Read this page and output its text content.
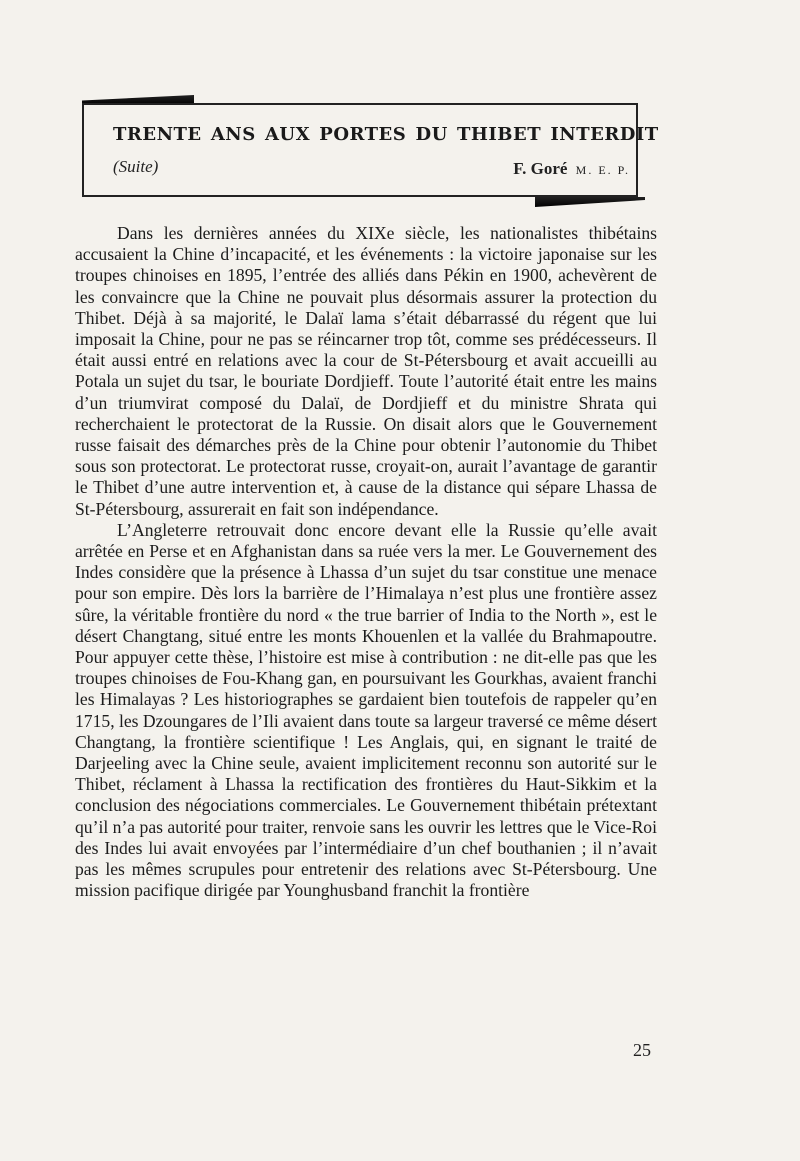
trente ans aux portes du thibet interdit
(Suite)	F. Goré M. E. P.

Dans les dernières années du XIXe siècle, les nationalistes thibétains accusaient la Chine d’incapacité, et les événements : la victoire japonaise sur les troupes chinoises en 1895, l’entrée des alliés dans Pékin en 1900, achevèrent de les convaincre que la Chine ne pouvait plus désormais assurer la protection du Thibet. Déjà à sa majorité, le Dalaï lama s’était débarrassé du régent que lui imposait la Chine, pour ne pas se réincarner trop tôt, comme ses prédécesseurs. Il était aussi entré en relations avec la cour de St-Pétersbourg et avait accueilli au Potala un sujet du tsar, le bouriate Dordjieff. Toute l’autorité était entre les mains d’un triumvirat composé du Dalaï, de Dordjieff et du ministre Shrata qui recherchaient le protectorat de la Russie. On disait alors que le Gouvernement russe faisait des démarches près de la Chine pour obtenir l’autonomie du Thibet sous son protectorat. Le protectorat russe, croyait-on, aurait l’avantage de garantir le Thibet d’une autre intervention et, à cause de la distance qui sépare Lhassa de St-Pétersbourg, assurerait en fait son indépendance.

L’Angleterre retrouvait donc encore devant elle la Russie qu’elle avait arrêtée en Perse et en Afghanistan dans sa ruée vers la mer. Le Gouvernement des Indes considère que la présence à Lhassa d’un sujet du tsar constitue une menace pour son empire. Dès lors la barrière de l’Himalaya n’est plus une frontière assez sûre, la véritable frontière du nord « the true barrier of India to the North », est le désert Changtang, situé entre les monts Khouenlen et la vallée du Brahmapoutre. Pour appuyer cette thèse, l’histoire est mise à contribution : ne dit-elle pas que les troupes chinoises de Fou-Khang gan, en poursuivant les Gourkhas, avaient franchi les Himalayas ? Les historiographes se gardaient bien toutefois de rappeler qu’en 1715, les Dzoungares de l’Ili avaient dans toute sa largeur traversé ce même désert Changtang, la frontière scientifique ! Les Anglais, qui, en signant le traité de Darjeeling avec la Chine seule, avaient implicitement reconnu son autorité sur le Thibet, réclament à Lhassa la rectification des frontières du Haut-Sikkim et la conclusion des négociations commerciales. Le Gouvernement thibétain prétextant qu’il n’a pas autorité pour traiter, renvoie sans les ouvrir les lettres que le Vice-Roi des Indes lui avait envoyées par l’intermédiaire d’un chef bouthanien ; il n’avait pas les mêmes scrupules pour entretenir des relations avec St-Pétersbourg. Une mission pacifique dirigée par Younghusband franchit la frontière

25
